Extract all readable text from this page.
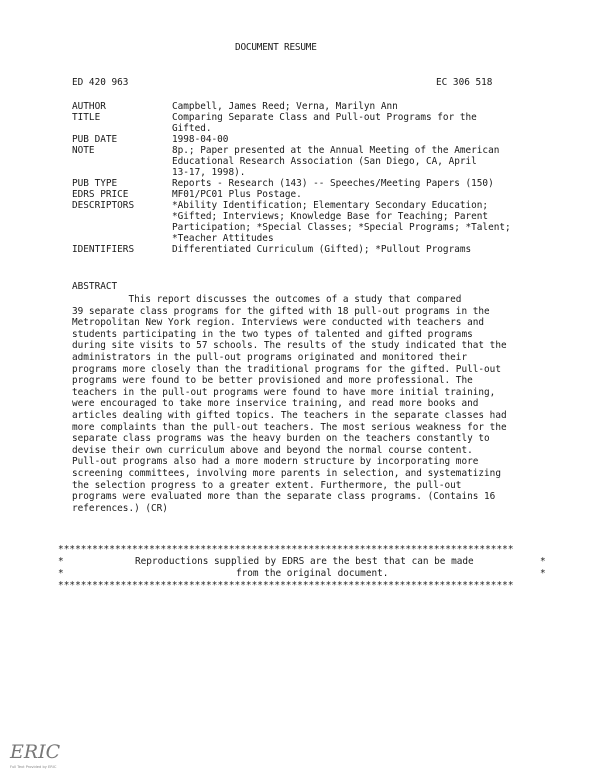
DOCUMENT RESUME
ED 420 963	EC 306 518
AUTHOR	Campbell, James Reed; Verna, Marilyn Ann
TITLE	Comparing Separate Class and Pull-out Programs for the
Gifted.
PUB DATE	1998-04-00
NOTE	8p.; Paper presented at the Annual Meeting of the American
Educational Research Association (San Diego, CA, April
13-17, 1998).
PUB TYPE	Reports - Research (143) -- Speeches/Meeting Papers (150)
EDRS PRICE	MF01/PC01 Plus Postage.
DESCRIPTORS	*Ability Identification; Elementary Secondary Education;
*Gifted; Interviews; Knowledge Base for Teaching; Parent
Participation; *Special Classes; *Special Programs; *Talent;
*Teacher Attitudes
IDENTIFIERS	Differentiated Curriculum (Gifted); *Pullout Programs
ABSTRACT
This report discusses the outcomes of a study that compared
39 separate class programs for the gifted with 18 pull-out programs in the
Metropolitan New York region. Interviews were conducted with teachers and
students participating in the two types of talented and gifted programs
during site visits to 57 schools. The results of the study indicated that the
administrators in the pull-out programs originated and monitored their
programs more closely than the traditional programs for the gifted. Pull-out
programs were found to be better provisioned and more professional. The
teachers in the pull-out programs were found to have more initial training,
were encouraged to take more inservice training, and read more books and
articles dealing with gifted topics. The teachers in the separate classes had
more complaints than the pull-out teachers. The most serious weakness for the
separate class programs was the heavy burden on the teachers constantly to
devise their own curriculum above and beyond the normal course content.
Pull-out programs also had a more modern structure by incorporating more
screening committees, involving more parents in selection, and systematizing
the selection progress to a greater extent. Furthermore, the pull-out
programs were evaluated more than the separate class programs. (Contains 16
references.) (CR)
********************************************************************************
*	*
Reproductions supplied by EDRS are the best that can be made
*	*
from the original document.
********************************************************************************
ERIC
Full Text Provided by ERIC
